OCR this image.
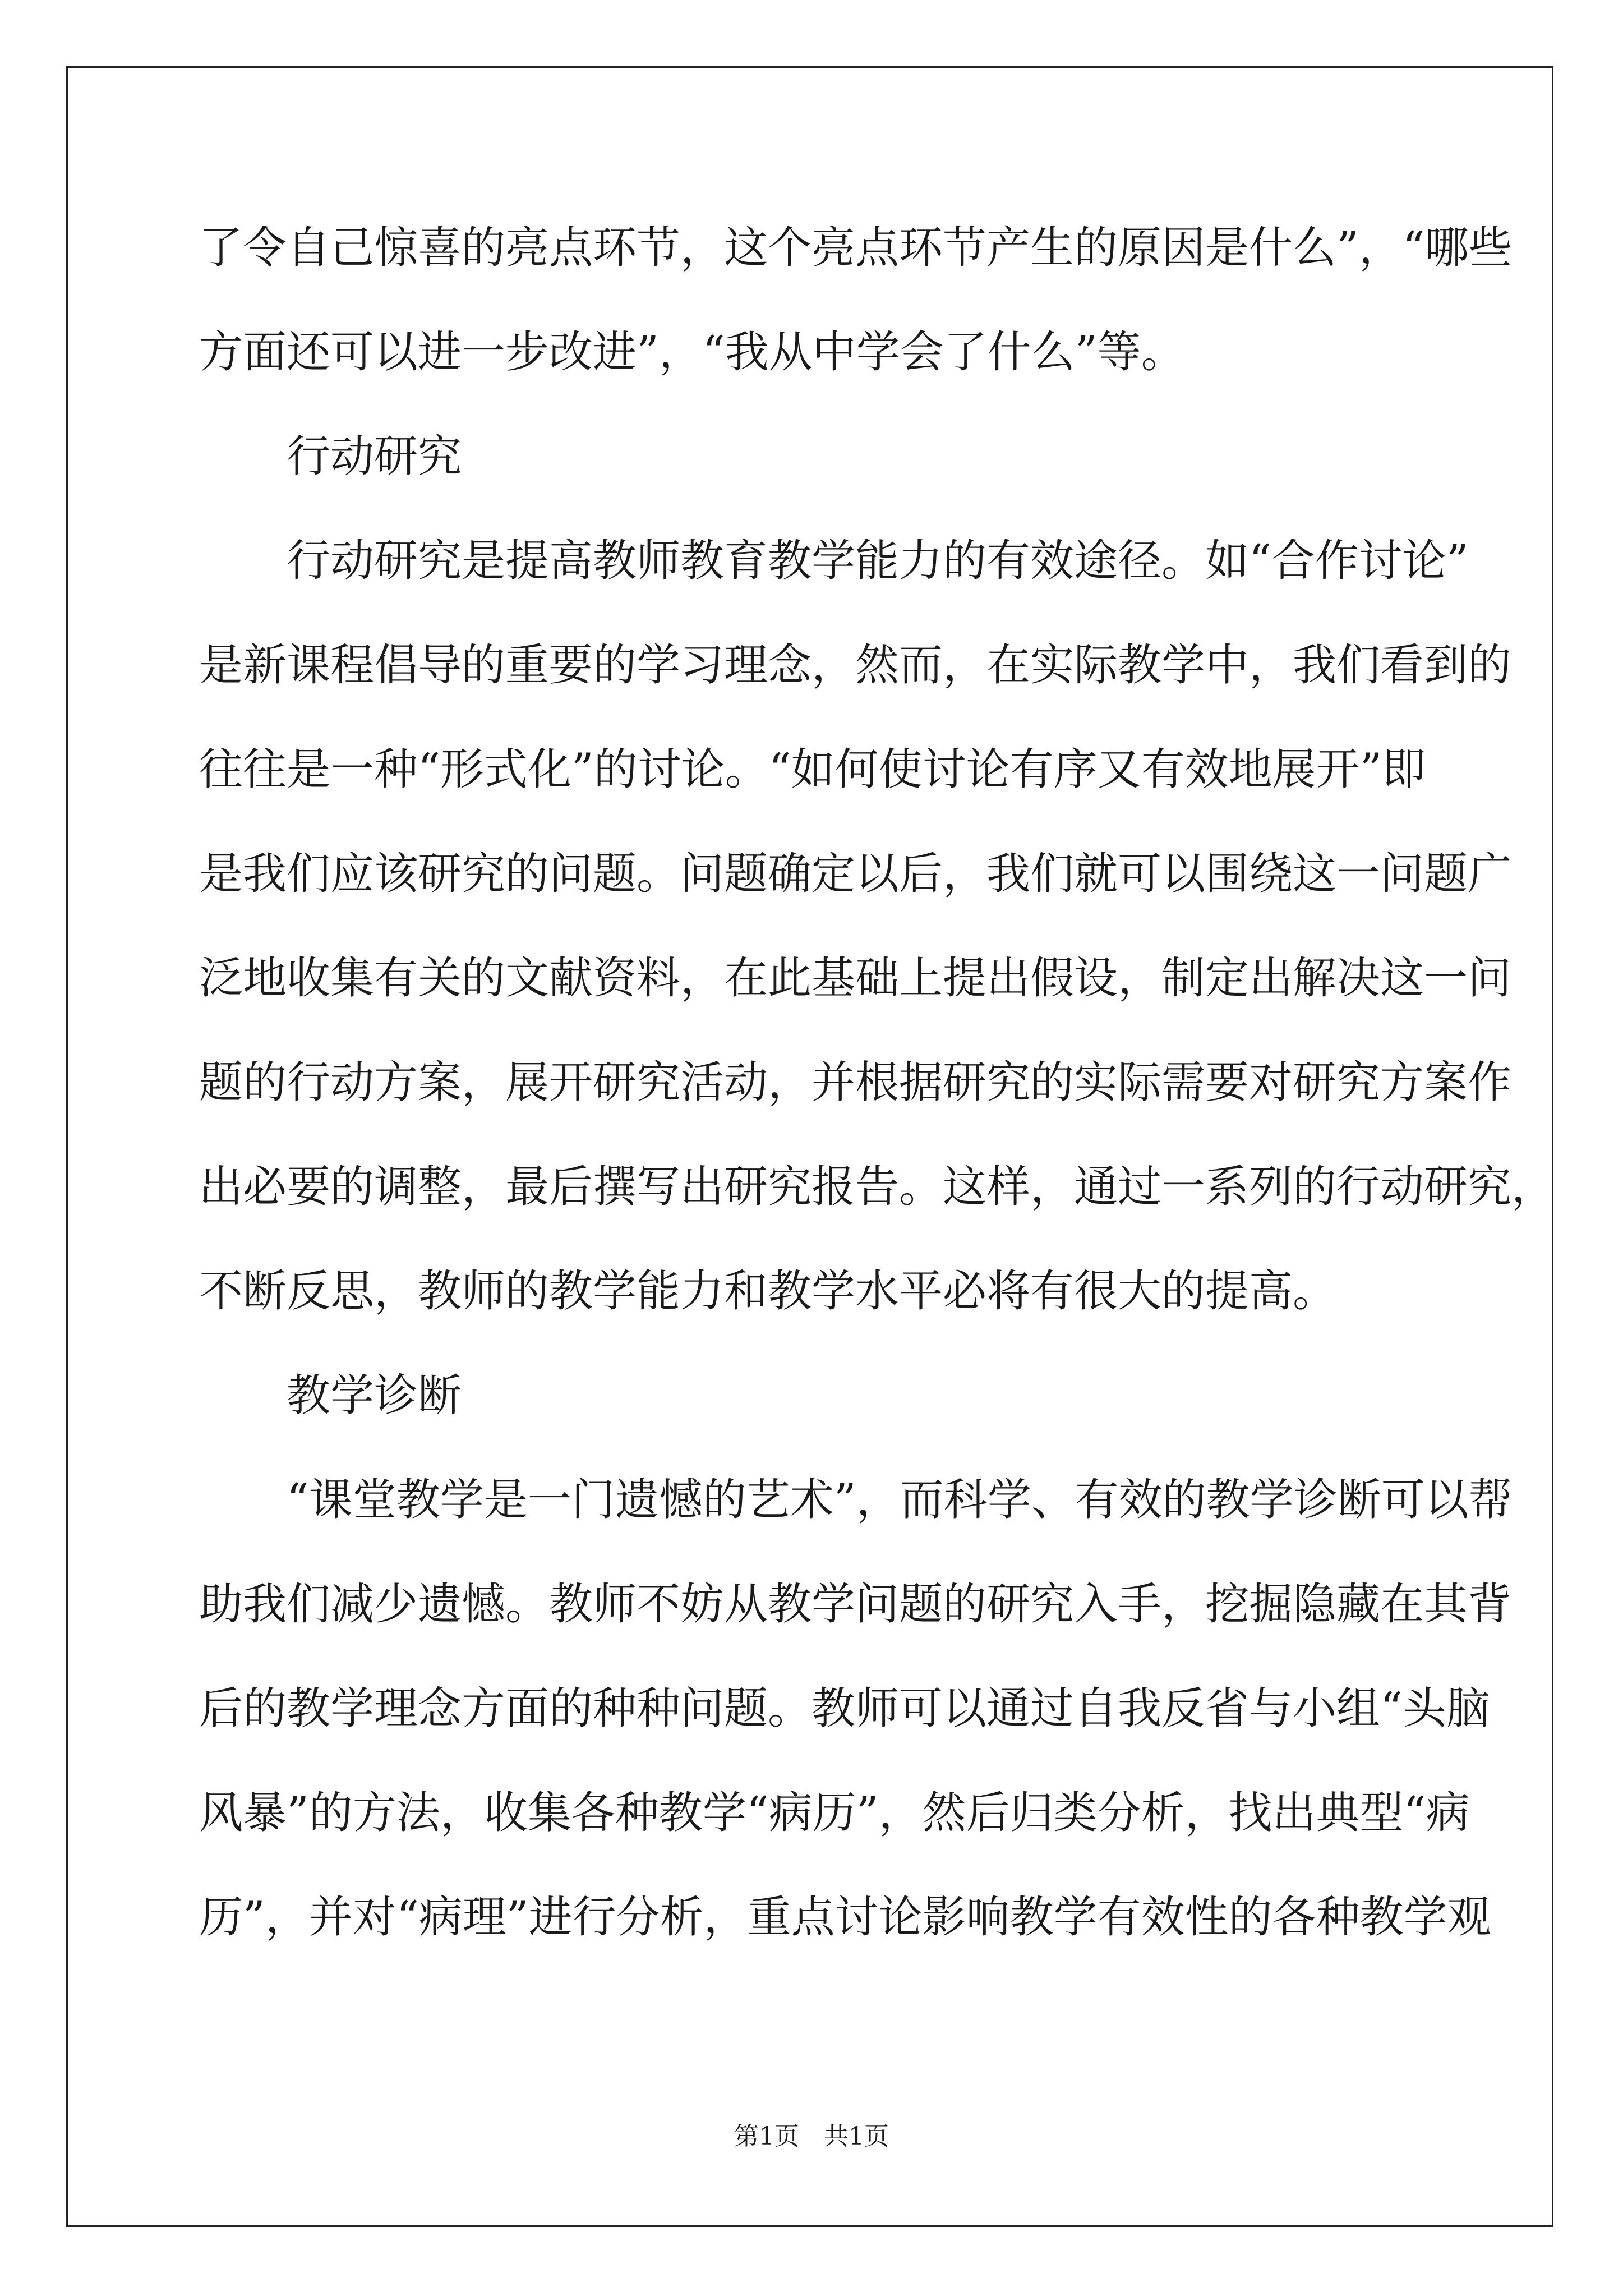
了令自己惊喜的亮点环节，这个亮点环节产生的原因是什么”，“哪些
方面还可以进一步改进”，“我从中学会了什么”等。
　　行动研究
　　行动研究是提高教师教育教学能力的有效途径。如“合作讨论”
是新课程倡导的重要的学习理念，然而，在实际教学中，我们看到的
往往是一种“形式化”的讨论。“如何使讨论有序又有效地展开”即
是我们应该研究的问题。问题确定以后，我们就可以围绕这一问题广
泛地收集有关的文献资料，在此基础上提出假设，制定出解决这一问
题的行动方案，展开研究活动，并根据研究的实际需要对研究方案作
出必要的调整，最后撰写出研究报告。这样，通过一系列的行动研究，
不断反思，教师的教学能力和教学水平必将有很大的提高。
　　教学诊断
　　“课堂教学是一门遗憾的艺术”，而科学、有效的教学诊断可以帮
助我们减少遗憾。教师不妨从教学问题的研究入手，挖掘隐藏在其背
后的教学理念方面的种种问题。教师可以通过自我反省与小组“头脑
风暴”的方法，收集各种教学“病历”，然后归类分析，找出典型“病
历”，并对“病理”进行分析，重点讨论影响教学有效性的各种教学观
第1页　共1页
